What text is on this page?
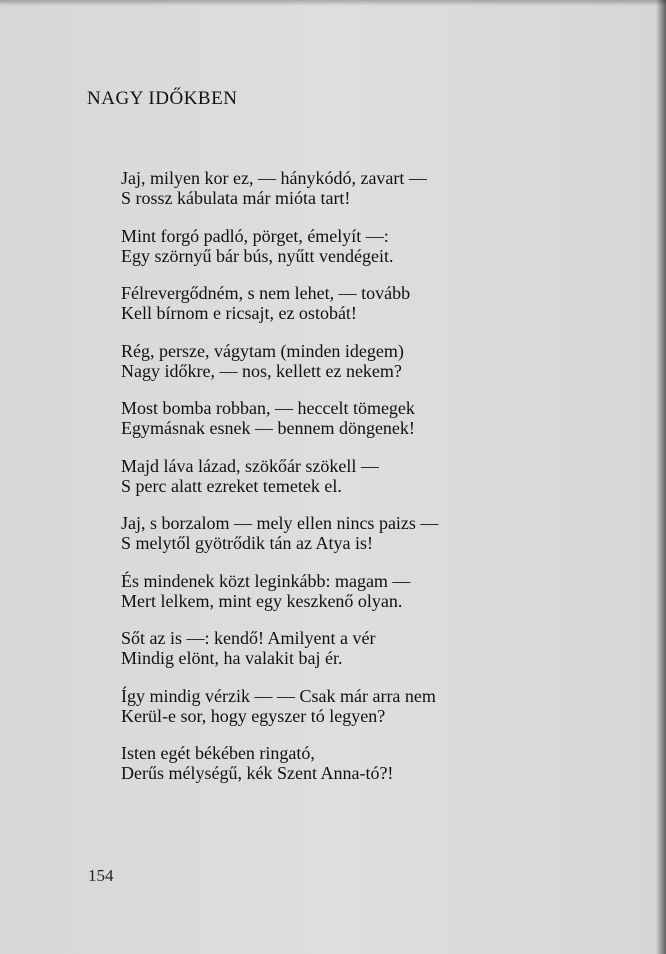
NAGY IDŐKBEN
Jaj, milyen kor ez, — hánykódó, zavart —
S rossz kábulata már mióta tart!
Mint forgó padló, pörget, émelyít —:
Egy szörnyű bár bús, nyűtt vendégeit.
Félrevergődném, s nem lehet, — tovább
Kell bírnom e ricsajt, ez ostobát!
Rég, persze, vágytam (minden idegem)
Nagy időkre, — nos, kellett ez nekem?
Most bomba robban, — heccelt tömegek
Egymásnak esnek — bennem döngenek!
Majd láva lázad, szökőár szökell —
S perc alatt ezreket temetek el.
Jaj, s borzalom — mely ellen nincs paizs —
S melytől gyötrődik tán az Atya is!
És mindenek közt leginkább: magam —
Mert lelkem, mint egy keszkenő olyan.
Sőt az is —: kendő! Amilyent a vér
Mindig elönt, ha valakit baj ér.
Így mindig vérzik — — Csak már arra nem
Kerül-e sor, hogy egyszer tó legyen?
Isten egét békében ringató,
Derűs mélységű, kék Szent Anna-tó?!
154
